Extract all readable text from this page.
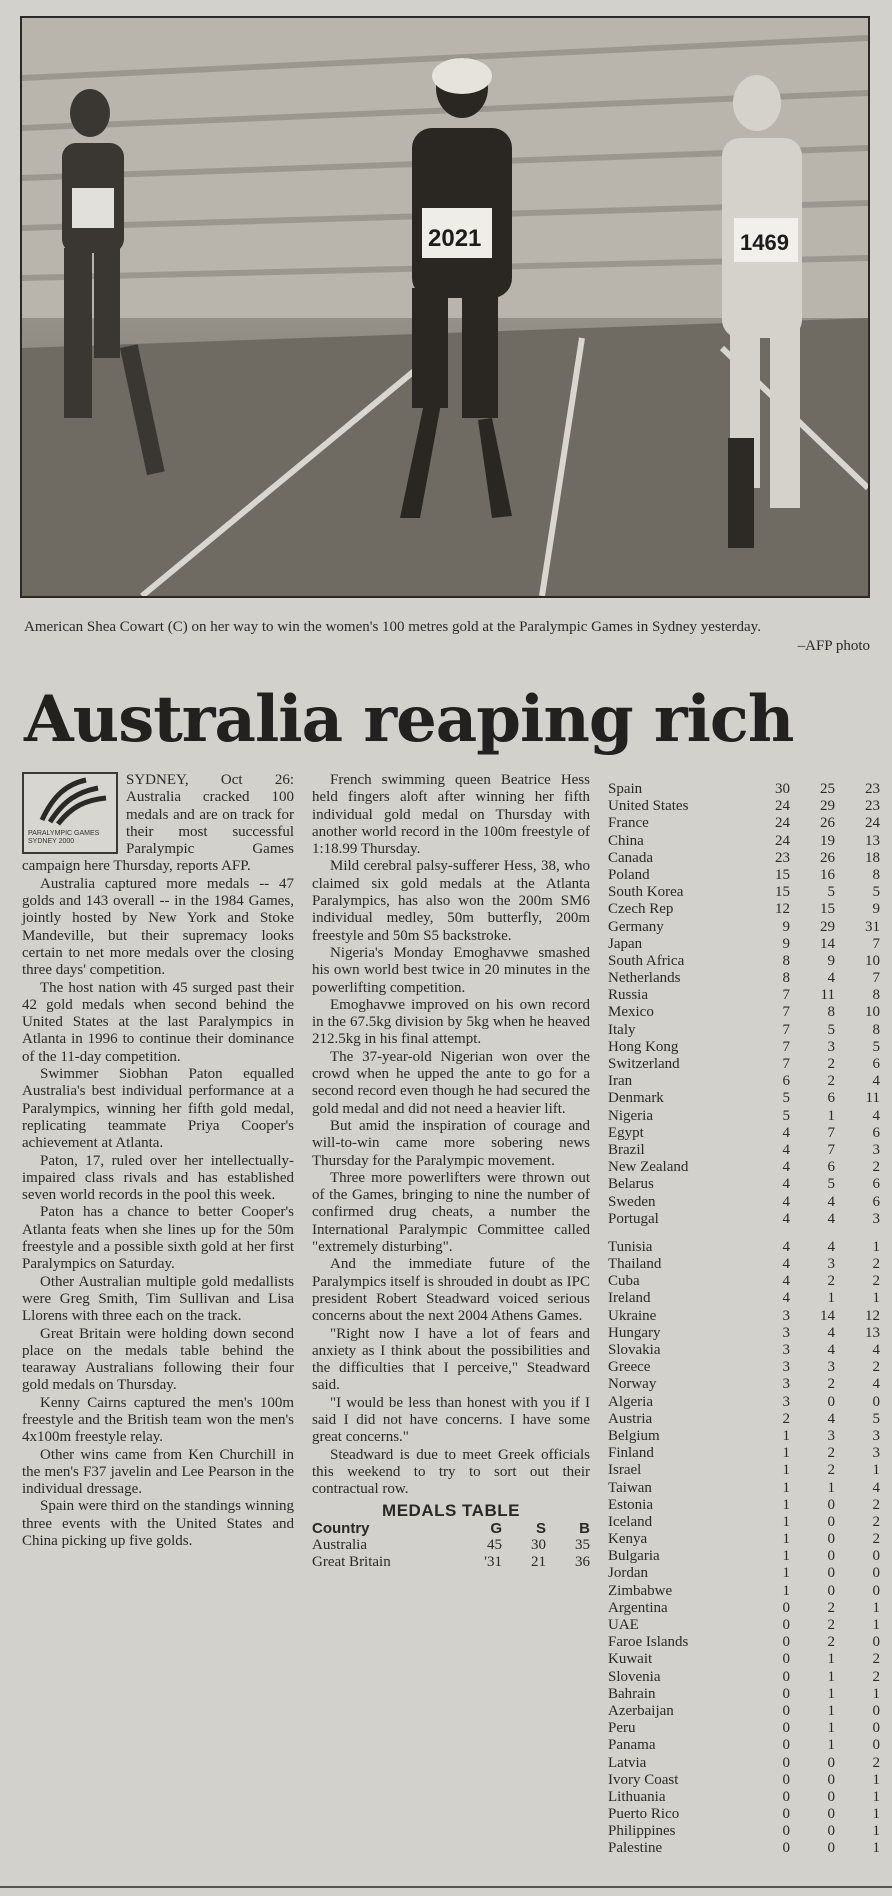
2021	1469
American Shea Cowart (C) on her way to win the women's 100 metres gold at the Paralympic Games in Sydney yesterday.
–AFP photo
Australia reaping rich
PARALYMPIC GAMES SYDNEY 2000

SYDNEY, Oct 26: Australia cracked 100 medals and are on track for their most successful Paralympic Games campaign here Thursday, reports AFP.

Australia captured more medals -- 47 golds and 143 overall -- in the 1984 Games, jointly hosted by New York and Stoke Mandeville, but their supremacy looks certain to net more medals over the closing three days' competition.

The host nation with 45 surged past their 42 gold medals when second behind the United States at the last Paralympics in Atlanta in 1996 to continue their dominance of the 11-day competition.

Swimmer Siobhan Paton equalled Australia's best individual performance at a Paralympics, winning her fifth gold medal, replicating teammate Priya Cooper's achievement at Atlanta.

Paton, 17, ruled over her intellectually-impaired class rivals and has established seven world records in the pool this week.

Paton has a chance to better Cooper's Atlanta feats when she lines up for the 50m freestyle and a possible sixth gold at her first Paralympics on Saturday.

Other Australian multiple gold medallists were Greg Smith, Tim Sullivan and Lisa Llorens with three each on the track.

Great Britain were holding down second place on the medals table behind the tearaway Australians following their four gold medals on Thursday.

Kenny Cairns captured the men's 100m freestyle and the British team won the men's 4x100m freestyle relay.

Other wins came from Ken Churchill in the men's F37 javelin and Lee Pearson in the individual dressage.

Spain were third on the standings winning three events with the United States and China picking up five golds.

French swimming queen Beatrice Hess held fingers aloft after winning her fifth individual gold medal on Thursday with another world record in the 100m freestyle of 1:18.99 Thursday.

Mild cerebral palsy-sufferer Hess, 38, who claimed six gold medals at the Atlanta Paralympics, has also won the 200m SM6 individual medley, 50m butterfly, 200m freestyle and 50m S5 backstroke.

Nigeria's Monday Emoghavwe smashed his own world best twice in 20 minutes in the powerlifting competition.

Emoghavwe improved on his own record in the 67.5kg division by 5kg when he heaved 212.5kg in his final attempt.

The 37-year-old Nigerian won over the crowd when he upped the ante to go for a second record even though he had secured the gold medal and did not need a heavier lift.

But amid the inspiration of courage and will-to-win came more sobering news Thursday for the Paralympic movement.

Three more powerlifters were thrown out of the Games, bringing to nine the number of confirmed drug cheats, a number the International Paralympic Committee called "extremely disturbing".

And the immediate future of the Paralympics itself is shrouded in doubt as IPC president Robert Steadward voiced serious concerns about the next 2004 Athens Games.

"Right now I have a lot of fears and anxiety as I think about the possibilities and the difficulties that I perceive," Steadward said.

"I would be less than honest with you if I said I did not have concerns. I have some great concerns."

Steadward is due to meet Greek officials this weekend to try to sort out their contractual row.

MEDALS TABLE
Country	G	S	B
Australia	45	30	35
Great Britain	'31	21	36
Spain	30	25	23
United States	24	29	23
France	24	26	24
China	24	19	13
Canada	23	26	18
Poland	15	16	8
South Korea	15	5	5
Czech Rep	12	15	9
Germany	9	29	31
Japan	9	14	7
South Africa	8	9	10
Netherlands	8	4	7
Russia	7	11	8
Mexico	7	8	10
Italy	7	5	8
Hong Kong	7	3	5
Switzerland	7	2	6
Iran	6	2	4
Denmark	5	6	11
Nigeria	5	1	4
Egypt	4	7	6
Brazil	4	7	3
New Zealand	4	6	2
Belarus	4	5	6
Sweden	4	4	6
Portugal	4	4	3
Tunisia	4	4	1
Thailand	4	3	2
Cuba	4	2	2
Ireland	4	1	1
Ukraine	3	14	12
Hungary	3	4	13
Slovakia	3	4	4
Greece	3	3	2
Norway	3	2	4
Algeria	3	0	0
Austria	2	4	5
Belgium	1	3	3
Finland	1	2	3
Israel	1	2	1
Taiwan	1	1	4
Estonia	1	0	2
Iceland	1	0	2
Kenya	1	0	2
Bulgaria	1	0	0
Jordan	1	0	0
Zimbabwe	1	0	0
Argentina	0	2	1
UAE	0	2	1
Faroe Islands	0	2	0
Kuwait	0	1	2
Slovenia	0	1	2
Bahrain	0	1	1
Azerbaijan	0	1	0
Peru	0	1	0
Panama	0	1	0
Latvia	0	0	2
Ivory Coast	0	0	1
Lithuania	0	0	1
Puerto Rico	0	0	1
Philippines	0	0	1
Palestine	0	0	1
